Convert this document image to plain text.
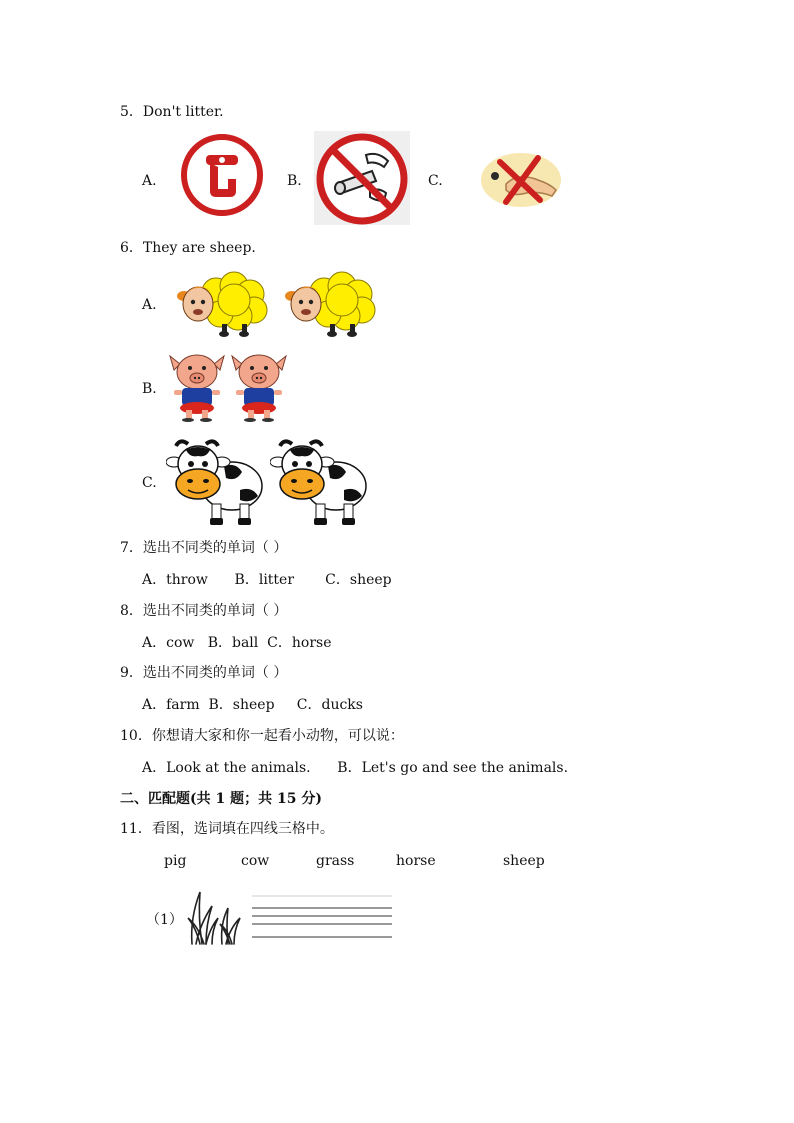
5．Don't litter.
A.	B.	C.
6．They are sheep.
A.
B.
C.
7．选出不同类的单词（ ）
A．throw      B．litter       C．sheep
8．选出不同类的单词（ ）
A．cow   B．ball  C．horse
9．选出不同类的单词（ ）
A．farm  B．sheep     C．ducks
10．你想请大家和你一起看小动物，可以说：
A．Look at the animals.      B．Let's go and see the animals.
二、匹配题(共 1 题；共 15 分)
11．看图，选词填在四线三格中。
pig	cow	grass	horse	sheep
（1）
